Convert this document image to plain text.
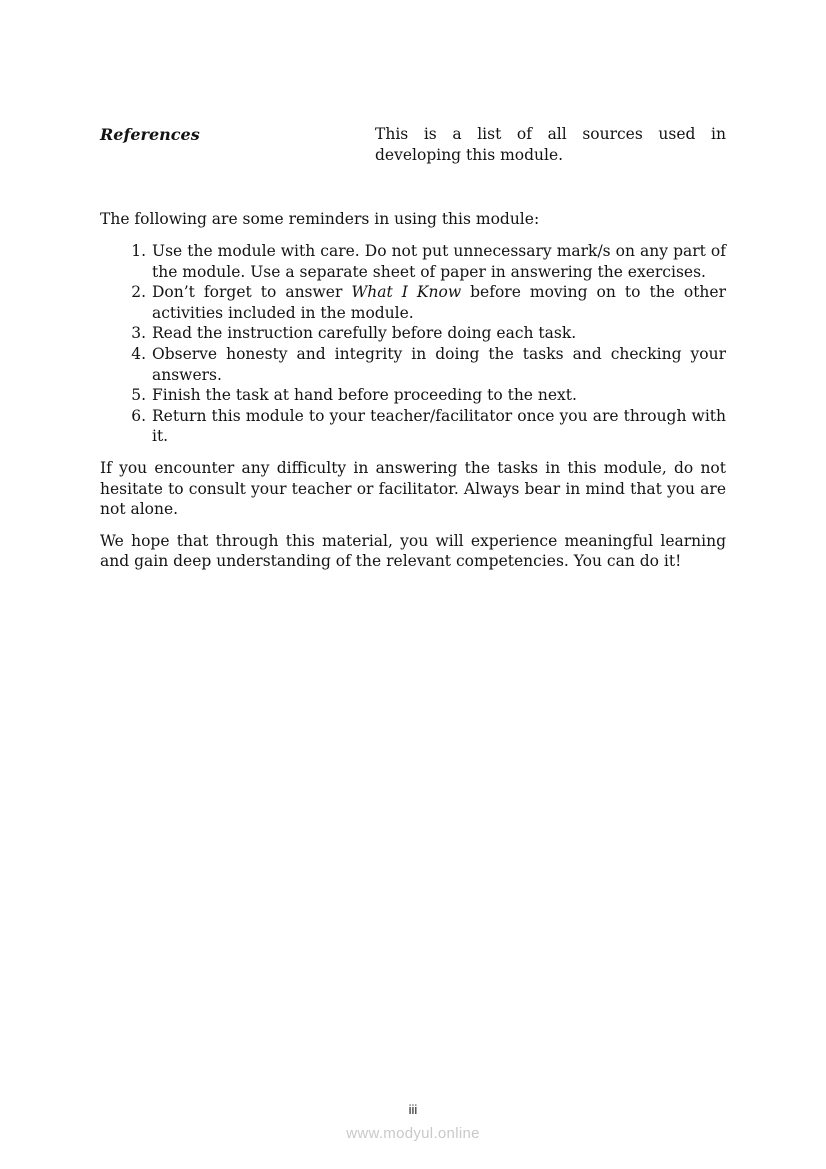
References	This is a list of all sources used in developing this module.

The following are some reminders in using this module:

1. Use the module with care. Do not put unnecessary mark/s on any part of the module. Use a separate sheet of paper in answering the exercises.
2. Don’t forget to answer What I Know before moving on to the other activities included in the module.
3. Read the instruction carefully before doing each task.
4. Observe honesty and integrity in doing the tasks and checking your answers.
5. Finish the task at hand before proceeding to the next.
6. Return this module to your teacher/facilitator once you are through with it.

If you encounter any difficulty in answering the tasks in this module, do not hesitate to consult your teacher or facilitator. Always bear in mind that you are not alone.

We hope that through this material, you will experience meaningful learning and gain deep understanding of the relevant competencies. You can do it!

iii
www.modyul.online
